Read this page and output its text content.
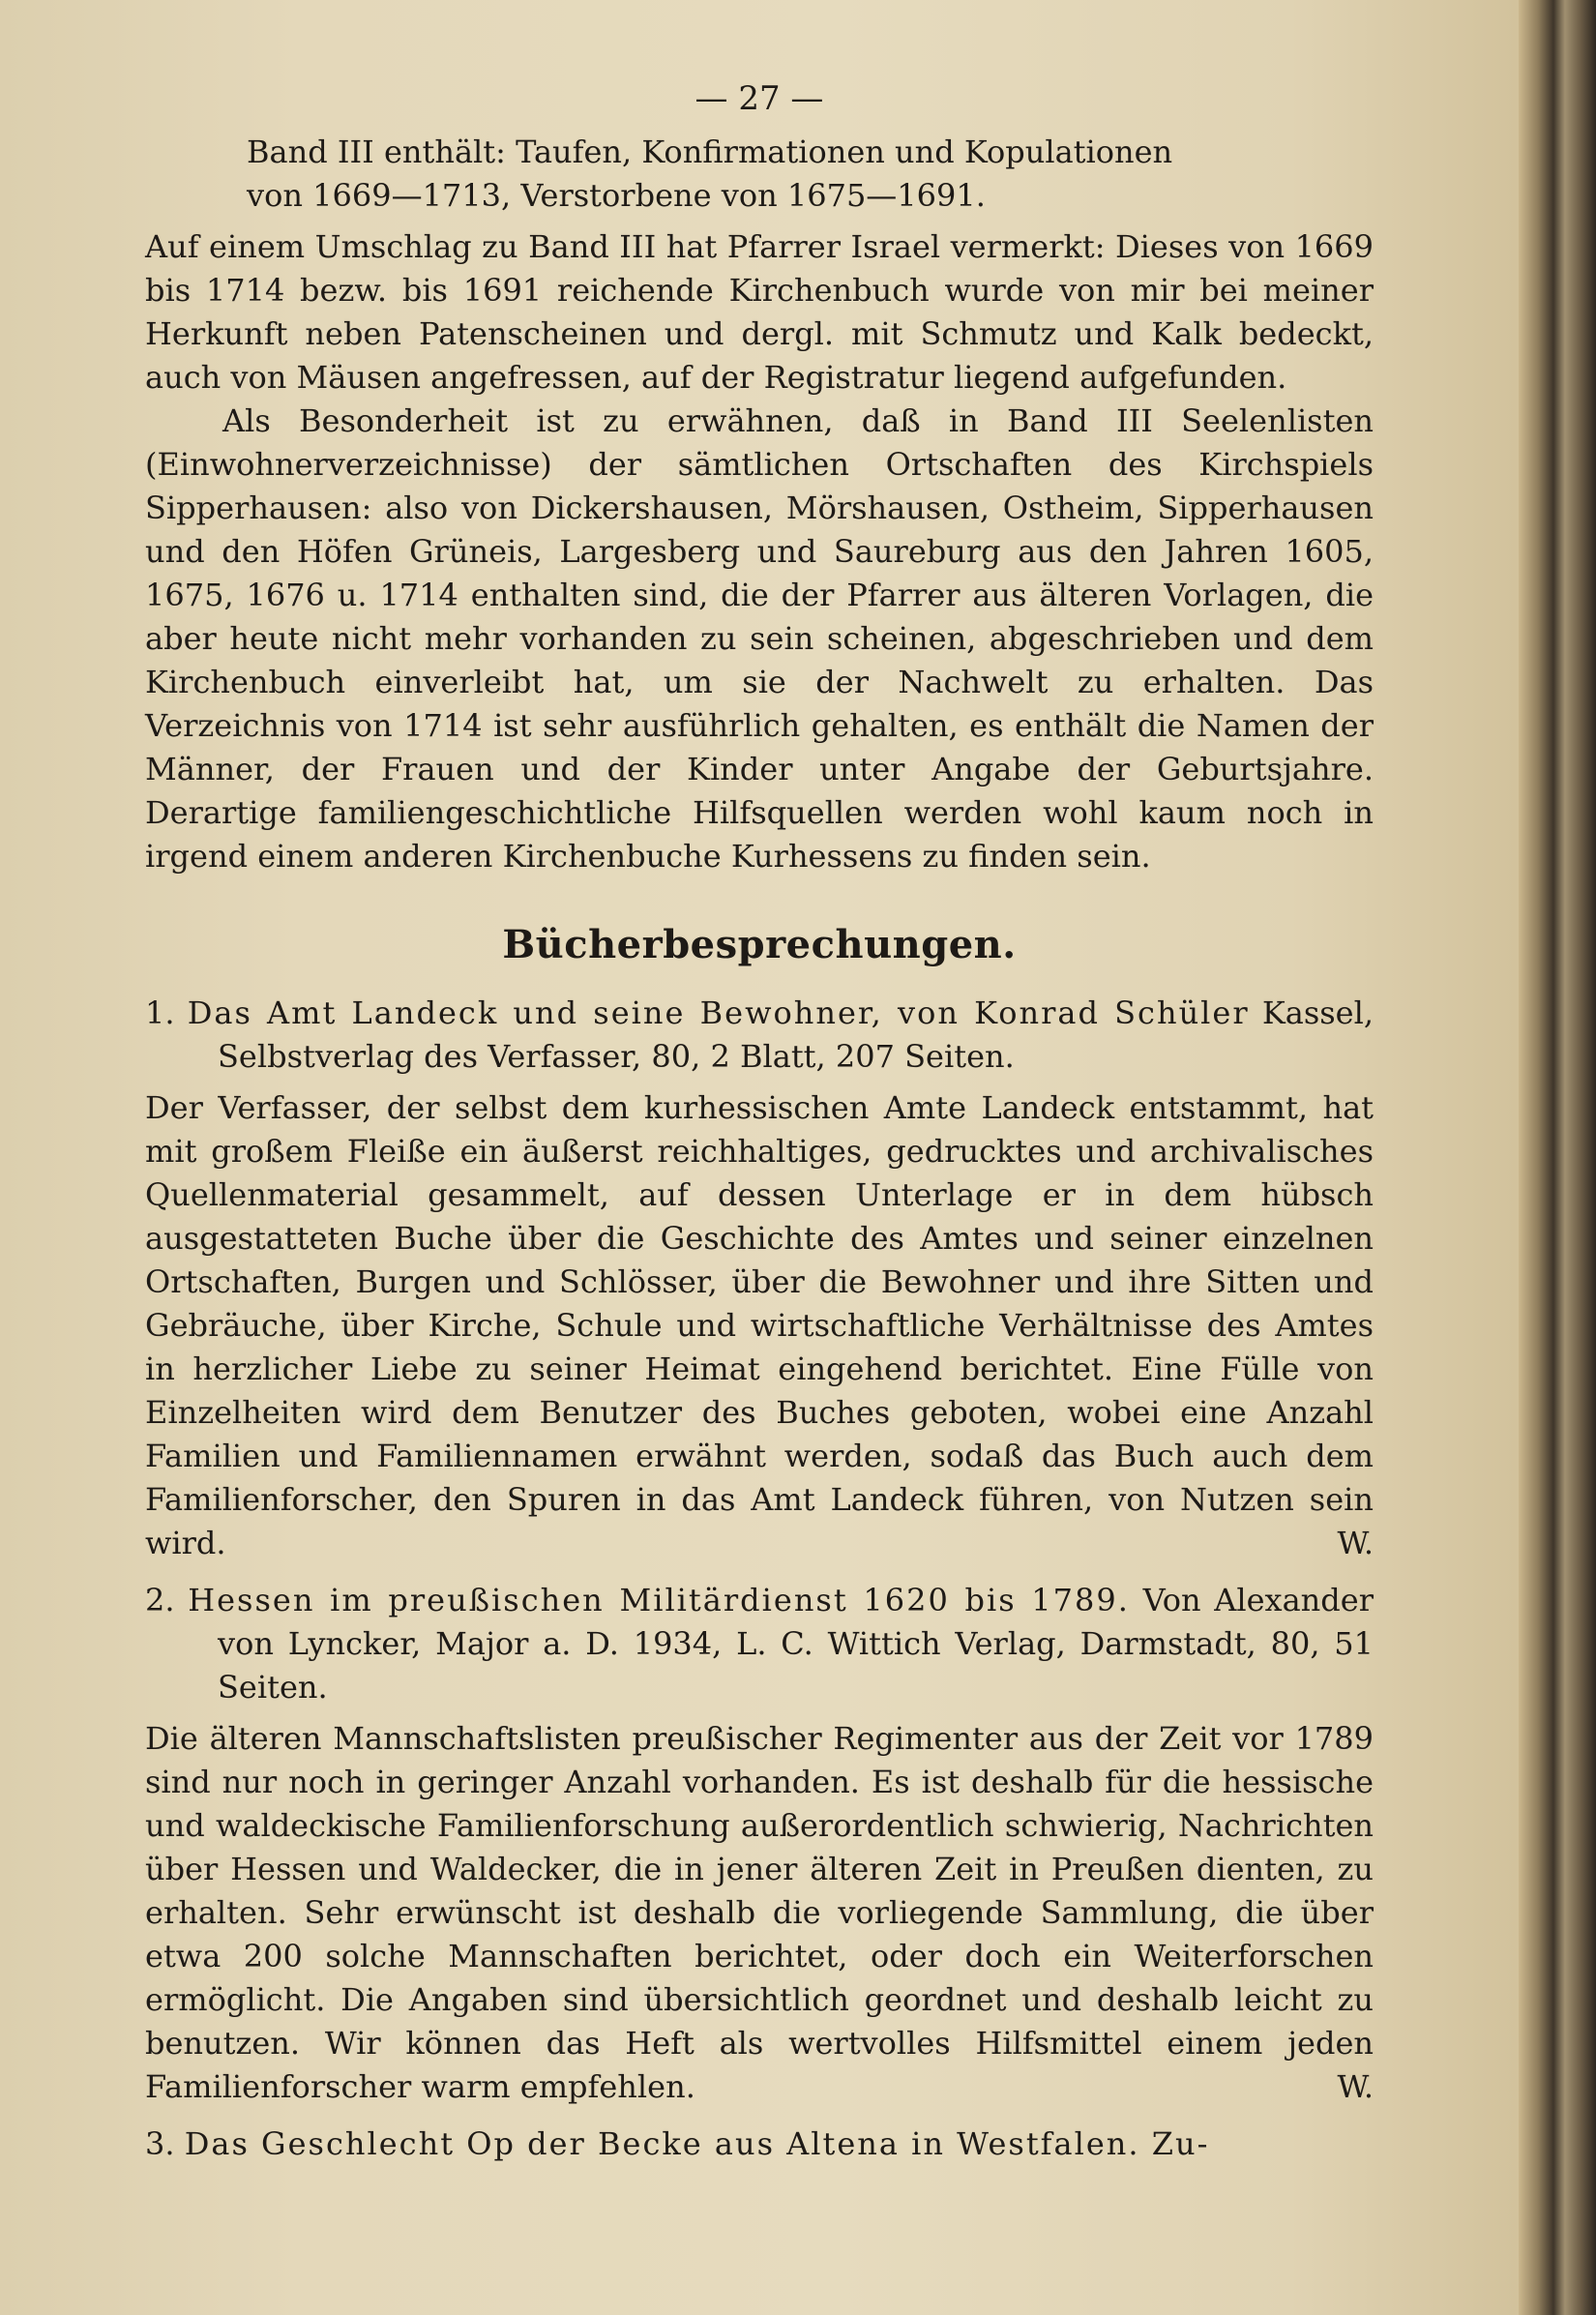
— 27 —

Band III enthält: Taufen, Konfirmationen und Kopulationen

von 1669—1713, Verstorbene von 1675—1691.

Auf einem Umschlag zu Band III hat Pfarrer Israel vermerkt: Dieses von 1669 bis 1714 bezw. bis 1691 reichende Kirchenbuch wurde von mir bei meiner Herkunft neben Patenscheinen und dergl. mit Schmutz und Kalk bedeckt, auch von Mäusen angefressen, auf der Registratur liegend aufgefunden.

Als Besonderheit ist zu erwähnen, daß in Band III Seelenlisten (Einwohnerverzeichnisse) der sämtlichen Ortschaften des Kirchspiels Sipperhausen: also von Dickershausen, Mörshausen, Ostheim, Sipperhausen und den Höfen Grüneis, Largesberg und Saureburg aus den Jahren 1605, 1675, 1676 u. 1714 enthalten sind, die der Pfarrer aus älteren Vorlagen, die aber heute nicht mehr vorhanden zu sein scheinen, abgeschrieben und dem Kirchenbuch einverleibt hat, um sie der Nachwelt zu erhalten. Das Verzeichnis von 1714 ist sehr ausführlich gehalten, es enthält die Namen der Männer, der Frauen und der Kinder unter Angabe der Geburtsjahre. Derartige familiengeschichtliche Hilfsquellen werden wohl kaum noch in irgend einem anderen Kirchenbuche Kurhessens zu finden sein.

Bücherbesprechungen.

1. Das Amt Landeck und seine Bewohner, von Konrad Schüler Kassel, Selbstverlag des Verfasser, 80, 2 Blatt, 207 Seiten.

Der Verfasser, der selbst dem kurhessischen Amte Landeck entstammt, hat mit großem Fleiße ein äußerst reichhaltiges, gedrucktes und archivalisches Quellenmaterial gesammelt, auf dessen Unterlage er in dem hübsch ausgestatteten Buche über die Geschichte des Amtes und seiner einzelnen Ortschaften, Burgen und Schlösser, über die Bewohner und ihre Sitten und Gebräuche, über Kirche, Schule und wirtschaftliche Verhältnisse des Amtes in herzlicher Liebe zu seiner Heimat eingehend berichtet. Eine Fülle von Einzelheiten wird dem Benutzer des Buches geboten, wobei eine Anzahl Familien und Familiennamen erwähnt werden, sodaß das Buch auch dem Familienforscher, den Spuren in das Amt Landeck führen, von Nutzen sein wird.	W.

2. Hessen im preußischen Militärdienst 1620 bis 1789. Von Alexander von Lyncker, Major a. D. 1934, L. C. Wittich Verlag, Darmstadt, 80, 51 Seiten.

Die älteren Mannschaftslisten preußischer Regimenter aus der Zeit vor 1789 sind nur noch in geringer Anzahl vorhanden. Es ist deshalb für die hessische und waldeckische Familienforschung außerordentlich schwierig, Nachrichten über Hessen und Waldecker, die in jener älteren Zeit in Preußen dienten, zu erhalten. Sehr erwünscht ist deshalb die vorliegende Sammlung, die über etwa 200 solche Mannschaften berichtet, oder doch ein Weiterforschen ermöglicht. Die Angaben sind übersichtlich geordnet und deshalb leicht zu benutzen. Wir können das Heft als wertvolles Hilfsmittel einem jeden Familienforscher warm empfehlen.	W.

3. Das Geschlecht Op der Becke aus Altena in Westfalen. Zu-
